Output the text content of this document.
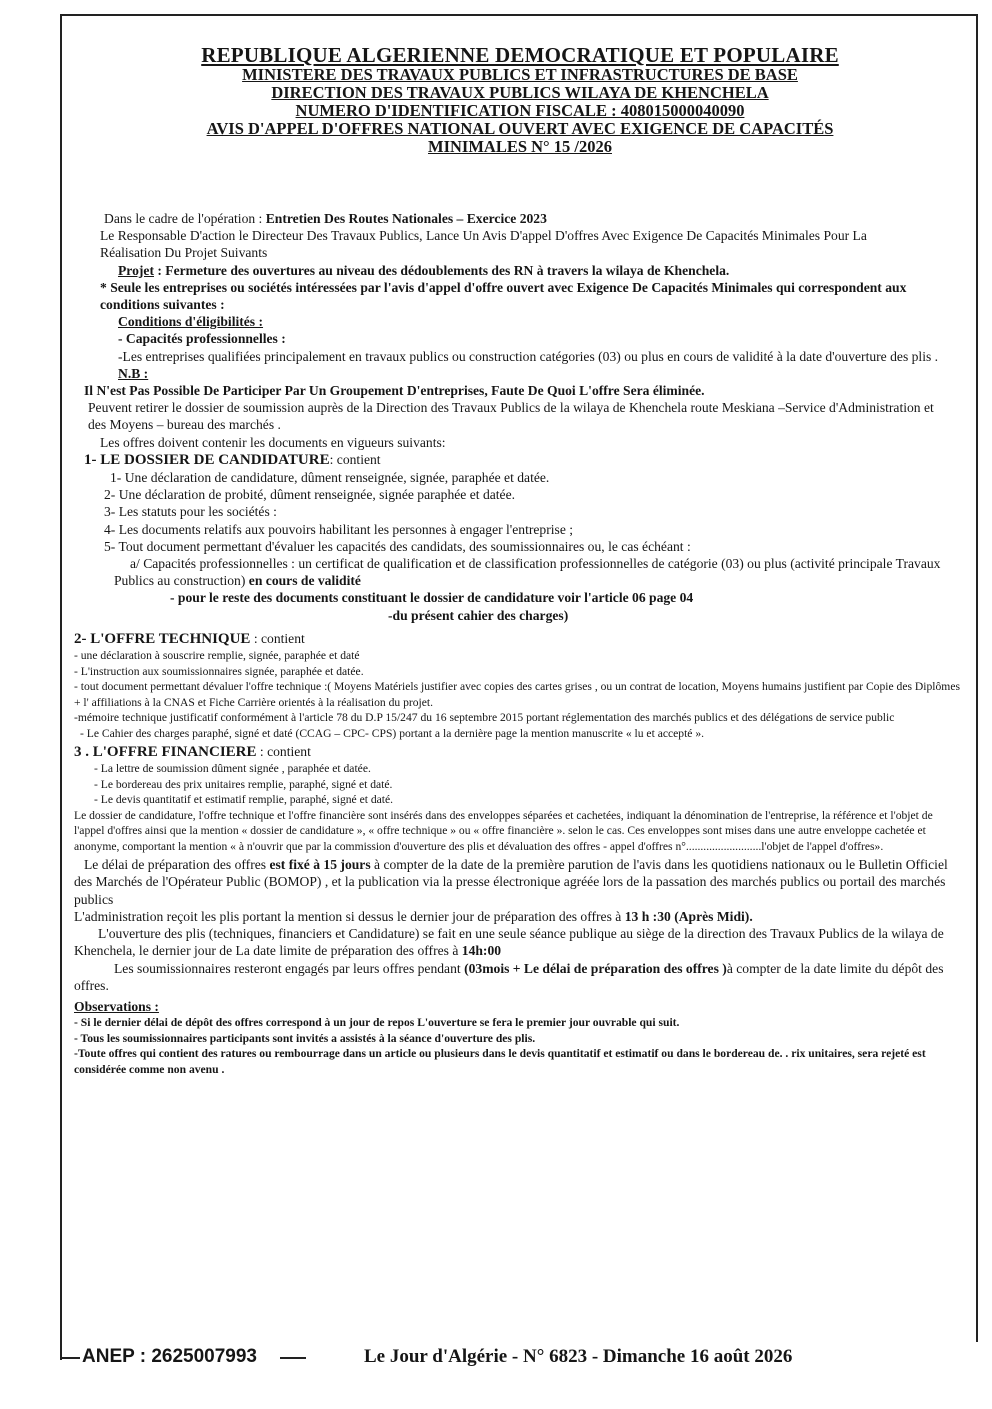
REPUBLIQUE ALGERIENNE DEMOCRATIQUE ET POPULAIRE
MINISTERE DES TRAVAUX PUBLICS ET INFRASTRUCTURES DE BASE
DIRECTION DES TRAVAUX PUBLICS WILAYA DE KHENCHELA
NUMERO D'IDENTIFICATION FISCALE : 408015000040090
AVIS D'APPEL D'OFFRES NATIONAL OUVERT AVEC EXIGENCE DE CAPACITÉS
MINIMALES N° 15 /2026

Dans le cadre de l'opération : Entretien Des Routes Nationales – Exercice 2023

Le Responsable D'action le Directeur Des Travaux Publics, Lance Un Avis D'appel D'offres Avec Exigence De Capacités Minimales Pour La Réalisation Du Projet Suivants

Projet : Fermeture des ouvertures au niveau des dédoublements des RN à travers la wilaya de Khenchela.

* Seule les entreprises ou sociétés intéressées par l'avis d'appel d'offre ouvert avec Exigence De Capacités Minimales qui correspondent aux conditions suivantes :

Conditions d'éligibilités :

- Capacités professionnelles :

-Les entreprises qualifiées principalement en travaux publics ou construction catégories (03) ou plus en cours de validité à la date d'ouverture des plis .

N.B :

Il N'est Pas Possible De Participer Par Un Groupement D'entreprises, Faute De Quoi L'offre Sera éliminée.

Peuvent retirer le dossier de soumission auprès de la Direction des Travaux Publics de la wilaya de Khenchela route Meskiana –Service d'Administration et des Moyens – bureau des marchés .

Les offres doivent contenir les documents en vigueurs suivants:

1- LE DOSSIER DE CANDIDATURE: contient

1- Une déclaration de candidature, dûment renseignée, signée, paraphée et datée.

2- Une déclaration de probité, dûment renseignée, signée paraphée et datée.

3- Les statuts pour les sociétés :

4- Les documents relatifs aux pouvoirs habilitant les personnes à engager l'entreprise ;

5- Tout document permettant d'évaluer les capacités des candidats, des soumissionnaires ou, le cas échéant :

a/ Capacités professionnelles : un certificat de qualification et de classification professionnelles de catégorie (03) ou plus (activité principale Travaux Publics au construction) en cours de validité

- pour le reste des documents constituant le dossier de candidature voir l'article 06 page 04

-du présent cahier des charges)

2- L'OFFRE TECHNIQUE : contient

- une déclaration à souscrire remplie, signée, paraphée et daté

- L'instruction aux soumissionnaires signée, paraphée et datée.

- tout document permettant dévaluer l'offre technique :( Moyens Matériels justifier avec copies des cartes grises , ou un contrat de location, Moyens humains justifient par Copie des Diplômes + l' affiliations à la CNAS et Fiche Carrière orientés à la réalisation du projet.

-mémoire technique justificatif conformément à l'article 78 du D.P 15/247 du 16 septembre 2015 portant réglementation des marchés publics et des délégations de service public

- Le Cahier des charges paraphé, signé et daté (CCAG – CPC- CPS) portant a la dernière page la mention manuscrite « lu et accepté ».

3 . L'OFFRE FINANCIERE : contient

- La lettre de soumission dûment signée , paraphée et datée.

- Le bordereau des prix unitaires remplie, paraphé, signé et daté.

- Le devis quantitatif et estimatif remplie, paraphé, signé et daté.

Le dossier de candidature, l'offre technique et l'offre financière sont insérés dans des enveloppes séparées et cachetées, indiquant la dénomination de l'entreprise, la référence et l'objet de l'appel d'offres ainsi que la mention « dossier de candidature », « offre technique » ou « offre financière ». selon le cas. Ces enveloppes sont mises dans une autre enveloppe cachetée et anonyme, comportant la mention « à n'ouvrir que par la commission d'ouverture des plis et dévaluation des offres - appel d'offres n°..........................l'objet de l'appel d'offres».

Le délai de préparation des offres est fixé à 15 jours à compter de la date de la première parution de l'avis dans les quotidiens nationaux ou le Bulletin Officiel des Marchés de l'Opérateur Public (BOMOP) , et la publication via la presse électronique agréée lors de la passation des marchés publics ou portail des marchés publics

L'administration reçoit les plis portant la mention si dessus le dernier jour de préparation des offres à 13 h :30 (Après Midi).

L'ouverture des plis (techniques, financiers et Candidature) se fait en une seule séance publique au siège de la direction des Travaux Publics de la wilaya de Khenchela, le dernier jour de La date limite de préparation des offres à 14h:00

Les soumissionnaires resteront engagés par leurs offres pendant (03mois + Le délai de préparation des offres )à compter de la date limite du dépôt des offres.

Observations :

- Si le dernier délai de dépôt des offres correspond à un jour de repos L'ouverture se fera le premier jour ouvrable qui suit.

- Tous les soumissionnaires participants sont invités a assistés à la séance d'ouverture des plis.

-Toute offres qui contient des ratures ou rembourrage dans un article ou plusieurs dans le devis quantitatif et estimatif ou dans le bordereau de. . rix unitaires, sera rejeté est considérée comme non avenu .

ANEP : 2625007993	Le Jour d'Algérie - N° 6823 - Dimanche 16 août 2026
